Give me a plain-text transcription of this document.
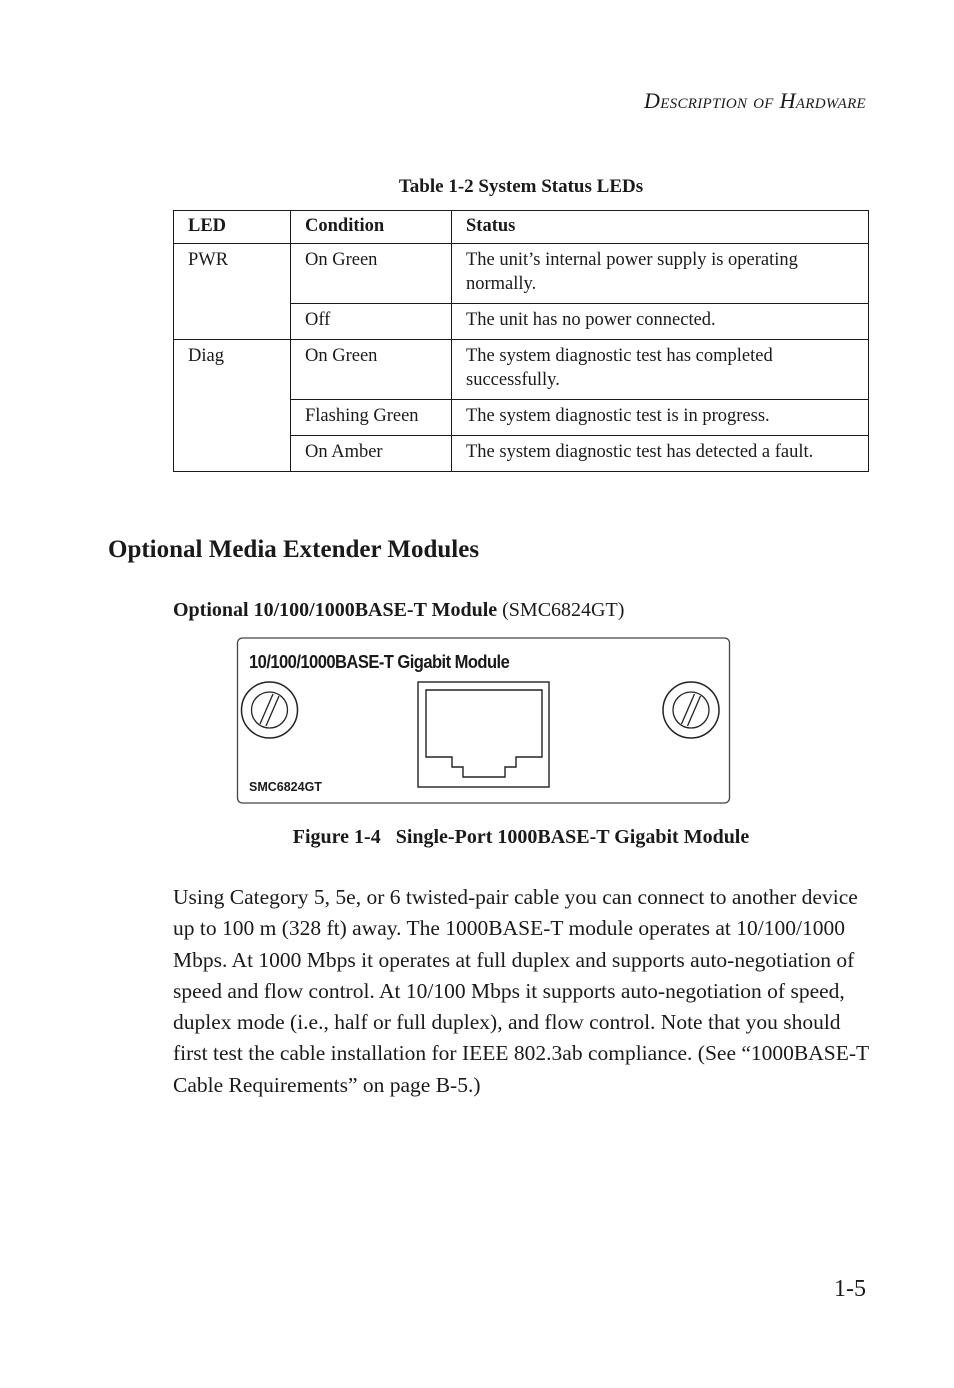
Description of Hardware
Table 1-2 System Status LEDs
LED	Condition	Status
PWR	On Green	The unit’s internal power supply is operating normally.
	Off	The unit has no power connected.
Diag	On Green	The system diagnostic test has completed successfully.
	Flashing Green	The system diagnostic test is in progress.
	On Amber	The system diagnostic test has detected a fault.
Optional Media Extender Modules
Optional 10/100/1000BASE-T Module (SMC6824GT)
10/100/1000BASE-T Gigabit Module
SMC6824GT
Figure 1-4   Single-Port 1000BASE-T Gigabit Module

Using Category 5, 5e, or 6 twisted-pair cable you can connect to another device up to 100 m (328 ft) away. The 1000BASE-T module operates at 10/100/1000 Mbps. At 1000 Mbps it operates at full duplex and supports auto-negotiation of speed and flow control. At 10/100 Mbps it supports auto-negotiation of speed, duplex mode (i.e., half or full duplex), and flow control. Note that you should first test the cable installation for IEEE 802.3ab compliance. (See “1000BASE-T Cable Requirements” on page B-5.)

1-5
